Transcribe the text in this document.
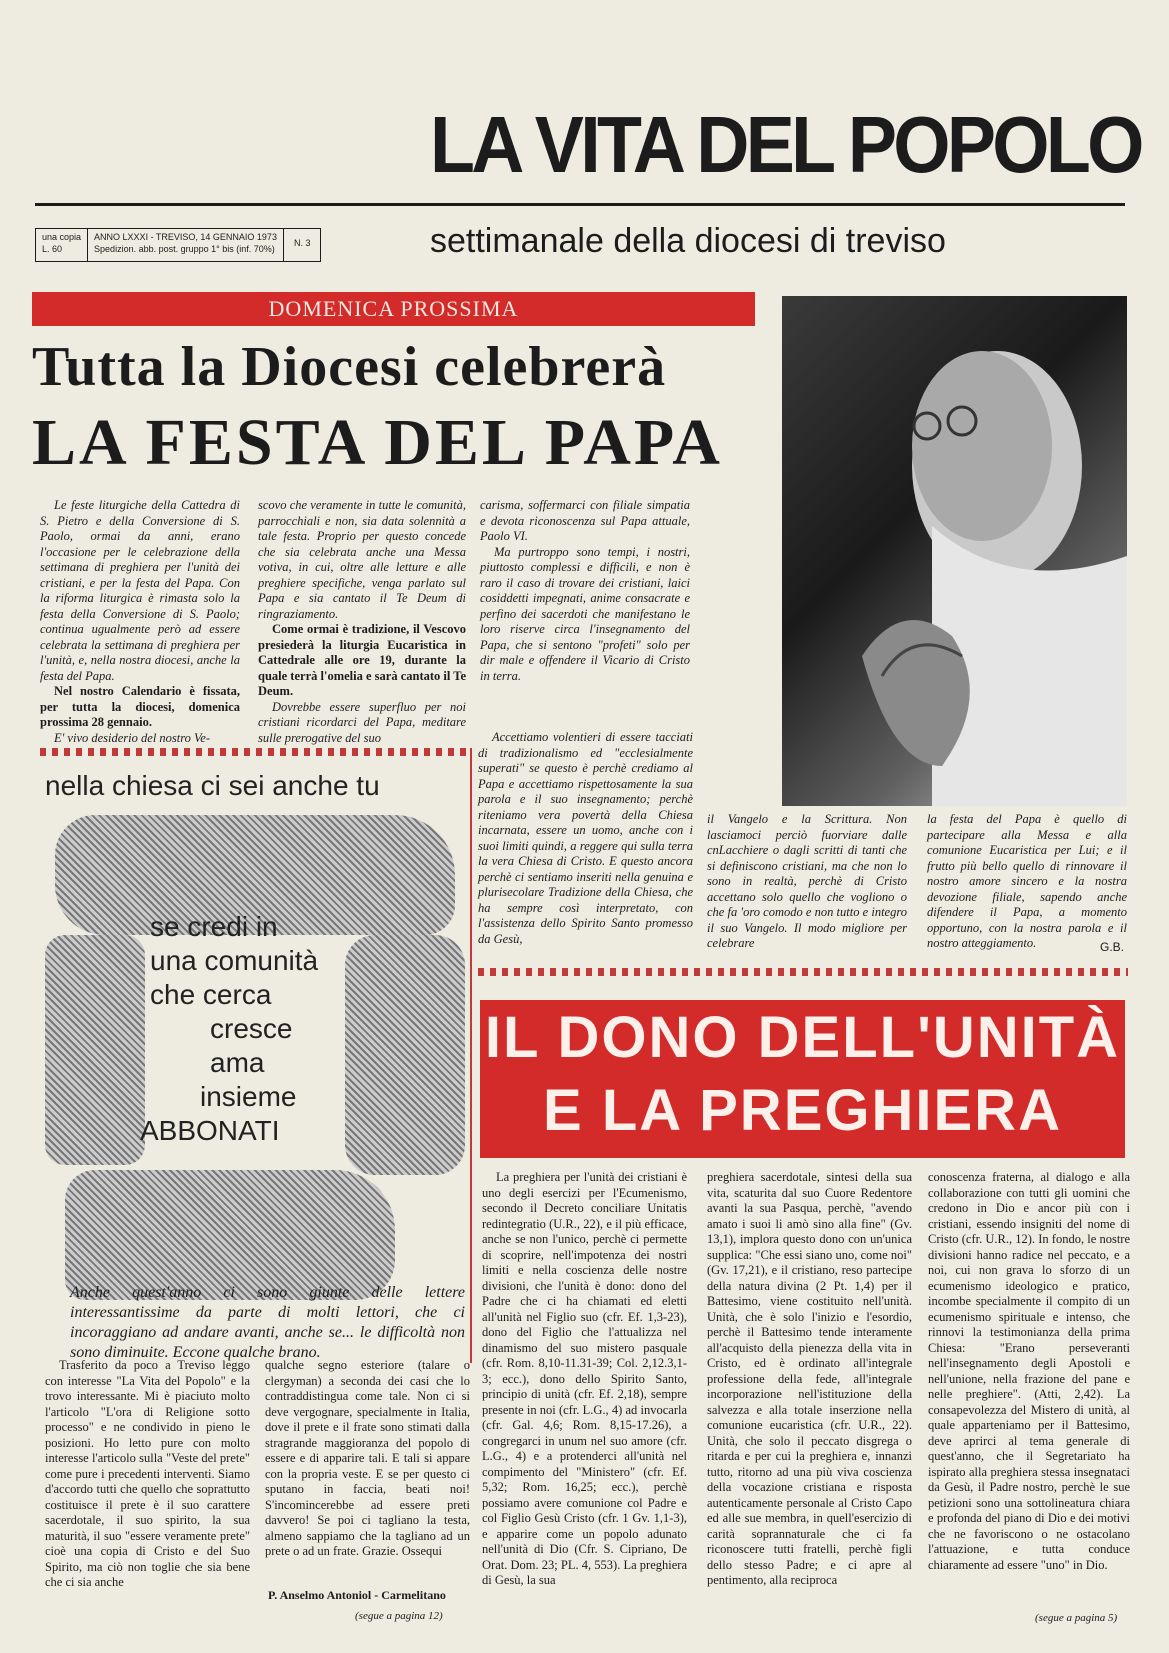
LA VITA DEL POPOLO
una copia
L. 60
ANNO LXXXI - TREVISO, 14 GENNAIO 1973
Spedizion. abb. post. gruppo 1° bis (inf. 70%)
N. 3	settimanale della diocesi di treviso
DOMENICA PROSSIMA
Tutta la Diocesi celebrerà
LA FESTA DEL PAPA

Le feste liturgiche della Cattedra di S. Pietro e della Conversione di S. Paolo, ormai da anni, erano l'occasione per le celebrazione della settimana di preghiera per l'unità dei cristiani, e per la festa del Papa. Con la riforma liturgica è rimasta solo la festa della Conversione di S. Paolo; continua ugualmente però ad essere celebrata la settimana di preghiera per l'unità, e, nella nostra diocesi, anche la festa del Papa.

Nel nostro Calendario è fissata, per tutta la diocesi, domenica prossima 28 gennaio.

E' vivo desiderio del nostro Ve-

scovo che veramente in tutte le comunità, parrocchiali e non, sia data solennità a tale festa. Proprio per questo concede che sia celebrata anche una Messa votiva, in cui, oltre alle letture e alle preghiere specifiche, venga parlato sul Papa e sia cantato il Te Deum di ringraziamento.

Come ormai è tradizione, il Vescovo presiederà la liturgia Eucaristica in Cattedrale alle ore 19, durante la quale terrà l'omelia e sarà cantato il Te Deum.

Dovrebbe essere superfluo per noi cristiani ricordarci del Papa, meditare sulle prerogative del suo

carisma, soffermarci con filiale simpatia e devota riconoscenza sul Papa attuale, Paolo VI.

Ma purtroppo sono tempi, i nostri, piuttosto complessi e difficili, e non è raro il caso di trovare dei cristiani, laici cosiddetti impegnati, anime consacrate e perfino dei sacerdoti che manifestano le loro riserve circa l'insegnamento del Papa, che si sentono "profeti" solo per dir male e offendere il Vicario di Cristo in terra.

Accettiamo volentieri di essere tacciati di tradizionalismo ed "ecclesialmente superati" se questo è perchè crediamo al Papa e accettiamo rispettosamente la sua parola e il suo insegnamento; perchè riteniamo vera povertà della Chiesa incarnata, essere un uomo, anche con i suoi limiti quindi, a reggere qui sulla terra la vera Chiesa di Cristo. E questo ancora perchè ci sentiamo inseriti nella genuina e plurisecolare Tradizione della Chiesa, che ha sempre così interpretato, con l'assistenza dello Spirito Santo promesso da Gesù,

il Vangelo e la Scrittura. Non lasciamoci perciò fuorviare dalle cnLacchiere o dagli scritti di tanti che si definiscono cristiani, ma che non lo sono in realtà, perchè di Cristo accettano solo quello che vogliono o che fa 'oro comodo e non tutto e integro il suo Vangelo. Il modo migliore per celebrare

la festa del Papa è quello di partecipare alla Messa e alla comunione Eucaristica per Lui; e il frutto più bello quello di rinnovare il nostro amore sincero e la nostra devozione filiale, sapendo anche difendere il Papa, a momento opportuno, con la nostra parola e il nostro atteggiamento.	G.B.
nella chiesa ci sei anche tu
se credi in
una comunità
che cerca
cresce
ama
insieme
ABBONATI
Anche quest'anno ci sono giunte delle lettere interessantissime da parte di molti lettori, che ci incoraggiano ad andare avanti, anche se... le difficoltà non sono diminuite. Eccone qualche brano.

Trasferito da poco a Treviso leggo con interesse "La Vita del Popolo" e la trovo interessante. Mi è piaciuto molto l'articolo "L'ora di Religione sotto processo" e ne condivido in pieno le posizioni. Ho letto pure con molto interesse l'articolo sulla "Veste del prete" come pure i precedenti interventi. Siamo d'accordo tutti che quello che soprattutto costituisce il prete è il suo carattere sacerdotale, il suo spirito, la sua maturità, il suo "essere veramente prete" cioè una copia di Cristo e del Suo Spirito, ma ciò non toglie che sia bene che ci sia anche

qualche segno esteriore (talare o clergyman) a seconda dei casi che lo contraddistingua come tale. Non ci si deve vergognare, specialmente in Italia, dove il prete e il frate sono stimati dalla stragrande maggioranza del popolo di essere e di apparire tali. E tali si appare con la propria veste. E se per questo ci sputano in faccia, beati noi! S'incomincerebbe ad essere preti davvero! Se poi ci tagliano la testa, almeno sappiamo che la tagliano ad un prete o ad un frate. Grazie. Ossequi

P. Anselmo Antoniol - Carmelitano
(segue a pagina 12)
IL DONO DELL'UNITÀ
E LA PREGHIERA

La preghiera per l'unità dei cristiani è uno degli esercizi per l'Ecumenismo, secondo il Decreto conciliare Unitatis redintegratio (U.R., 22), e il più efficace, anche se non l'unico, perchè ci permette di scoprire, nell'impotenza dei nostri limiti e nella coscienza delle nostre divisioni, che l'unità è dono: dono del Padre che ci ha chiamati ed eletti all'unità nel Figlio suo (cfr. Ef. 1,3-23), dono del Figlio che l'attualizza nel dinamismo del suo mistero pasquale (cfr. Rom. 8,10-11.31-39; Col. 2,12.3,1-3; ecc.), dono dello Spirito Santo, principio di unità (cfr. Ef. 2,18), sempre presente in noi (cfr. L.G., 4) ad invocarla (cfr. Gal. 4,6; Rom. 8,15-17.26), a congregarci in unum nel suo amore (cfr. L.G., 4) e a protenderci all'unità nel compimento del "Ministero" (cfr. Ef. 5,32; Rom. 16,25; ecc.), perchè possiamo avere comunione col Padre e col Figlio Gesù Cristo (cfr. 1 Gv. 1,1-3), e apparire come un popolo adunato nell'unità di Dio (Cfr. S. Cipriano, De Orat. Dom. 23; PL. 4, 553). La preghiera di Gesù, la sua

preghiera sacerdotale, sintesi della sua vita, scaturita dal suo Cuore Redentore avanti la sua Pasqua, perchè, "avendo amato i suoi li amò sino alla fine" (Gv. 13,1), implora questo dono con un'unica supplica: "Che essi siano uno, come noi" (Gv. 17,21), e il cristiano, reso partecipe della natura divina (2 Pt. 1,4) per il Battesimo, viene costituito nell'unità. Unità, che è solo l'inizio e l'esordio, perchè il Battesimo tende interamente all'acquisto della pienezza della vita in Cristo, ed è ordinato all'integrale professione della fede, all'integrale incorporazione nell'istituzione della salvezza e alla totale inserzione nella comunione eucaristica (cfr. U.R., 22). Unità, che solo il peccato disgrega o ritarda e per cui la preghiera e, innanzi tutto, ritorno ad una più viva coscienza della vocazione cristiana e risposta autenticamente personale al Cristo Capo ed alle sue membra, in quell'esercizio di carità soprannaturale che ci fa riconoscere tutti fratelli, perchè figli dello stesso Padre; e ci apre al pentimento, alla reciproca

conoscenza fraterna, al dialogo e alla collaborazione con tutti gli uomini che credono in Dio e ancor più con i cristiani, essendo insigniti del nome di Cristo (cfr. U.R., 12). In fondo, le nostre divisioni hanno radice nel peccato, e a noi, cui non grava lo sforzo di un ecumenismo ideologico e pratico, incombe specialmente il compito di un ecumenismo spirituale e intenso, che rinnovi la testimonianza della prima Chiesa: "Erano perseveranti nell'insegnamento degli Apostoli e nell'unione, nella frazione del pane e nelle preghiere". (Atti, 2,42). La consapevolezza del Mistero di unità, al quale apparteniamo per il Battesimo, deve aprirci al tema generale di quest'anno, che il Segretariato ha ispirato alla preghiera stessa insegnataci da Gesù, il Padre nostro, perchè le sue petizioni sono una sottolineatura chiara e profonda del piano di Dio e dei motivi che ne favoriscono o ne ostacolano l'attuazione, e tutta conduce chiaramente ad essere "uno" in Dio.

(segue a pagina 5)
